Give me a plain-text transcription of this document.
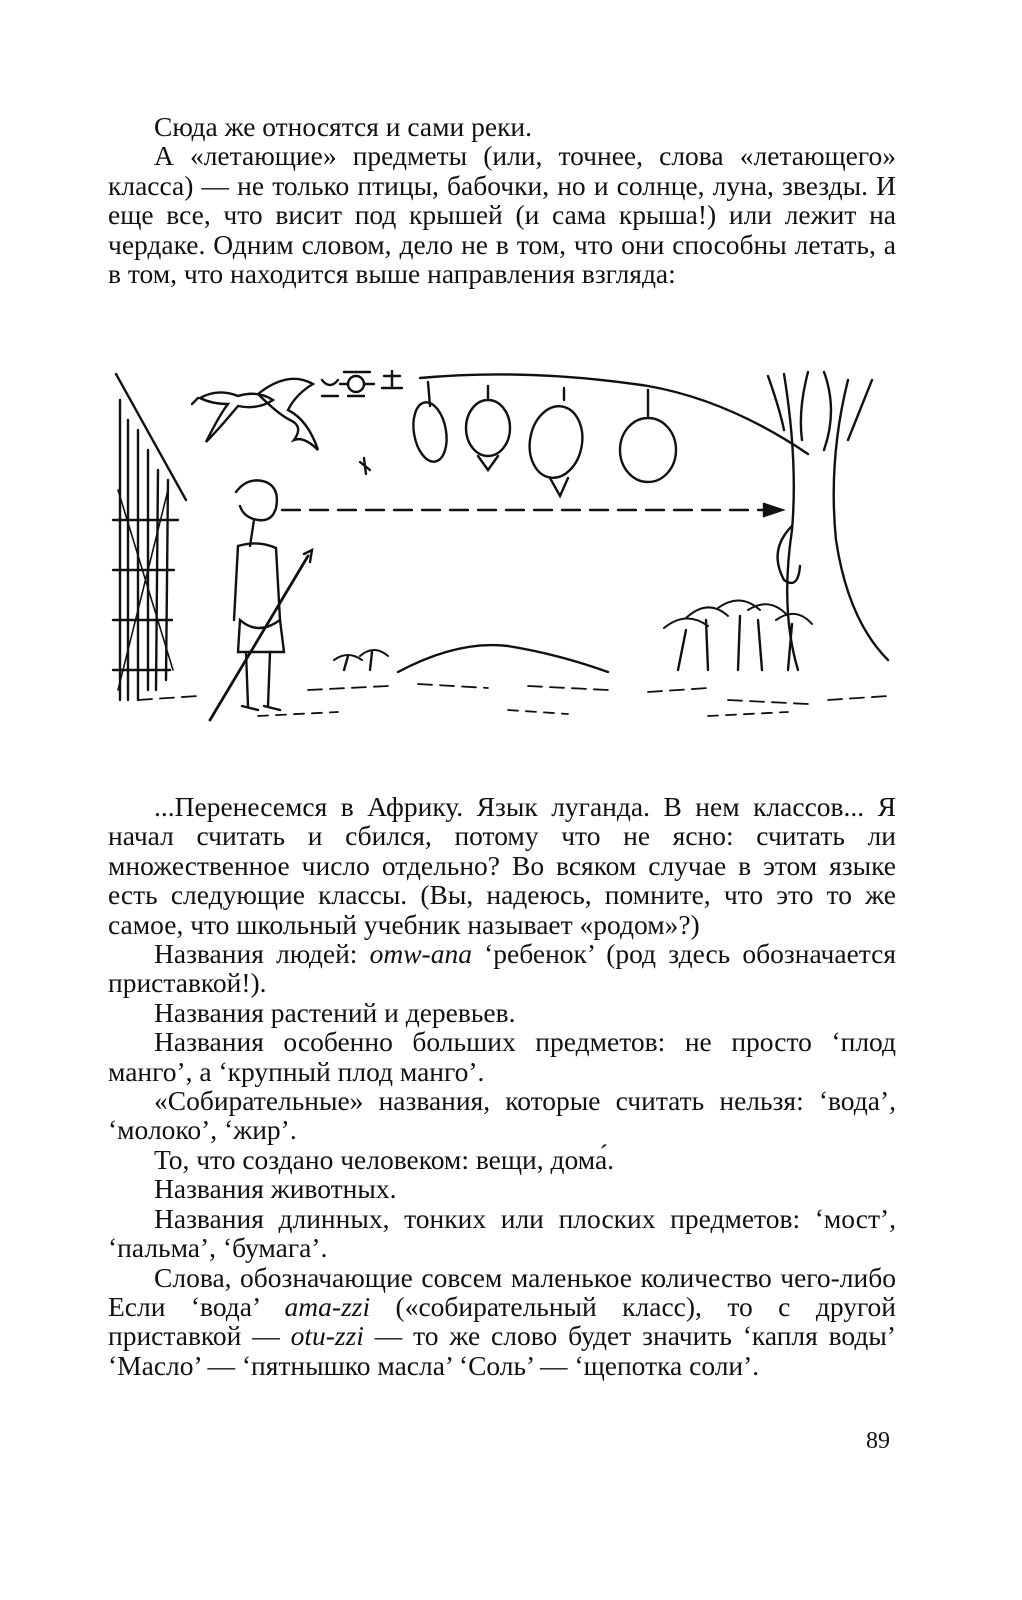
Сюда же относятся и сами реки.

А «летающие» предметы (или, точнее, слова «летающего» класса) — не только птицы, бабочки, но и солнце, луна, звезды. И еще все, что висит под крышей (и сама крыша!) или лежит на чердаке. Одним словом, дело не в том, что они способны летать, а в том, что находится выше направления взгляда:

...Перенесемся в Африку. Язык луганда. В нем классов... Я начал считать и сбился, потому что не ясно: считать ли множественное число отдельно? Во всяком случае в этом языке есть следующие классы. (Вы, надеюсь, помните, что это то же самое, что школьный учебник называет «родом»?)

Названия людей: omw-ana ‘ребенок’ (род здесь обозначается приставкой!).

Названия растений и деревьев.

Названия особенно больших предметов: не просто ‘плод манго’, а ‘крупный плод манго’.

«Собирательные» названия, которые считать нельзя: ‘вода’, ‘молоко’, ‘жир’.

То, что создано человеком: вещи, дома́.

Названия животных.

Названия длинных, тонких или плоских предметов: ‘мост’, ‘пальма’, ‘бумага’.

Слова, обозначающие совсем маленькое количество чего-либо Если ‘вода’ ama-zzi («собирательный класс), то с другой приставкой — otu-zzi — то же слово будет значить ‘капля воды’ ‘Масло’ — ‘пятнышко масла’ ‘Соль’ — ‘щепотка соли’.

89
